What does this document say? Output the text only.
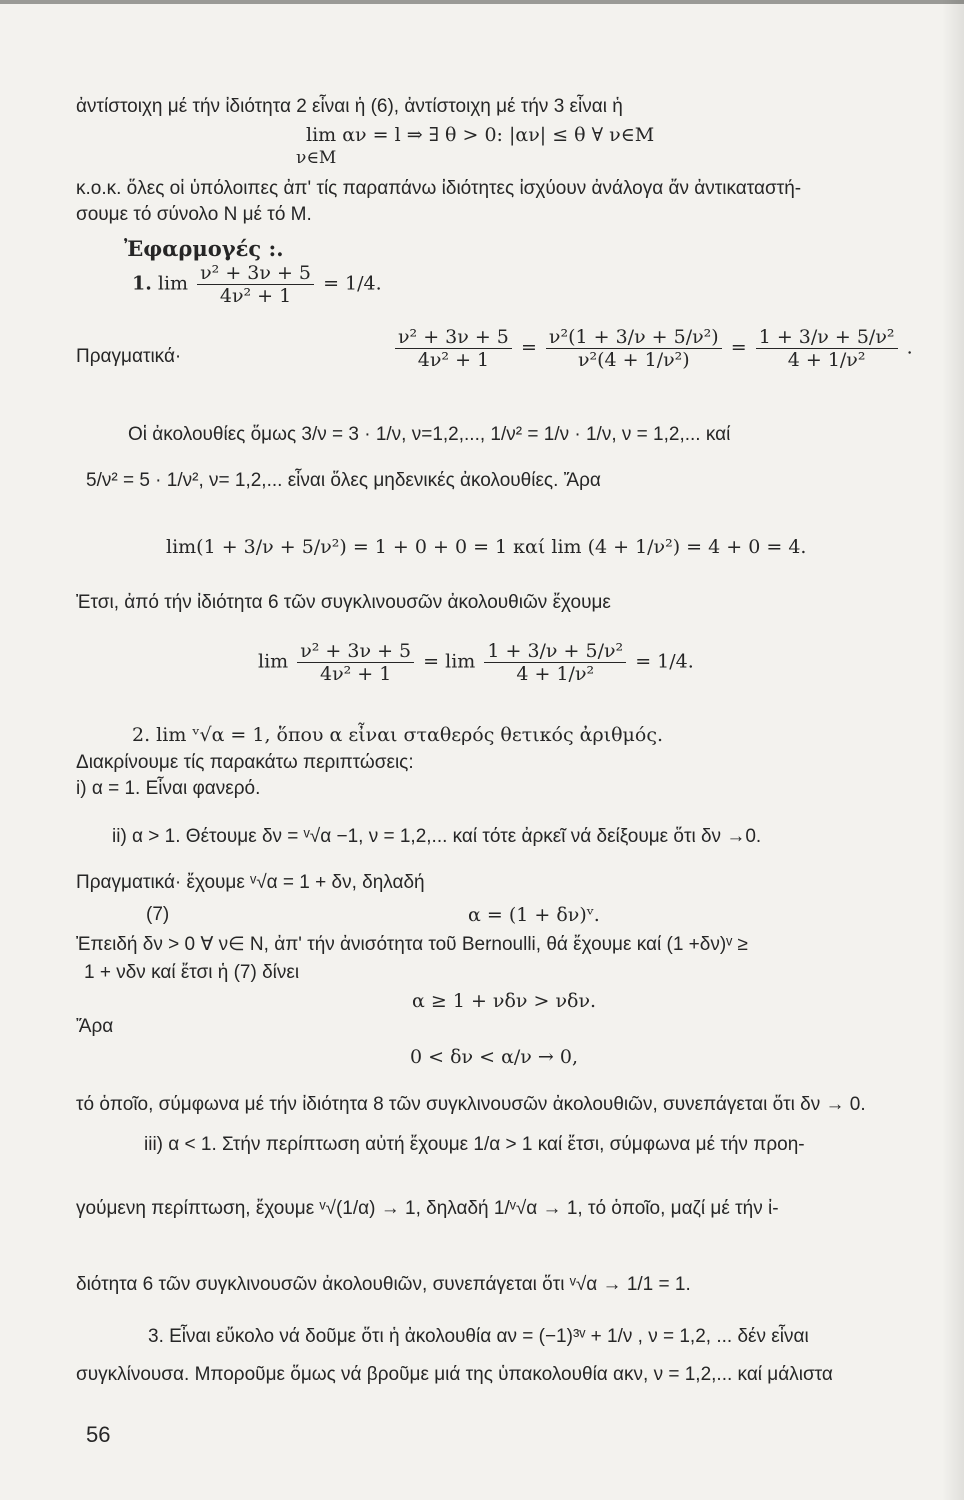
ἀντίστοιχη μέ τήν ἰδιότητα 2 εἶναι ἡ (6), ἀντίστοιχη μέ τήν 3 εἶναι ἡ
lim αν = l ⇒ ∃ θ > 0: |αν| ≤ θ ∀ ν∈M
ν∈M
κ.ο.κ. ὅλες οἱ ὑπόλοιπες ἀπ' τίς παραπάνω ἰδιότητες ἰσχύουν ἀνάλογα ἄν ἀντικαταστή-
σουμε τό σύνολο N μέ τό M.
Ἐφαρμογές :.
1. $\lim \frac{\text{ν² + 3ν + 5}}{\text{4ν² + 1}} = 1/4$.
Πραγματικά·	$\frac{\text{ν² + 3ν + 5}}{\text{4ν² + 1}} = \frac{\text{ν²(1 + 3/ν + 5/ν²)}}{\text{ν²(4 + 1/ν²)}} = \frac{\text{1 + 3/ν + 5/ν²}}{\text{4 + 1/ν²}}$ .
Οἱ ἀκολουθίες ὅμως 3/ν = 3 · 1/ν, ν=1,2,..., 1/ν² = 1/ν · 1/ν, ν = 1,2,... καί
5/ν² = 5 · 1/ν², ν= 1,2,... εἶναι ὅλες μηδενικές ἀκολουθίες. Ἄρα
lim(1 + 3/ν + 5/ν²) = 1 + 0 + 0 = 1 καί lim (4 + 1/ν²) = 4 + 0 = 4.
Ἐτσι, ἀπό τήν ἰδιότητα 6 τῶν συγκλινουσῶν ἀκολουθιῶν ἔχουμε
$\lim \frac{\text{ν² + 3ν + 5}}{\text{4ν² + 1}} = \lim \frac{\text{1 + 3/ν + 5/ν²}}{\text{4 + 1/ν²}} = 1/4$.
2. lim ᵛ√α = 1, ὅπου α εἶναι σταθερός θετικός ἀριθμός.
Διακρίνουμε τίς παρακάτω περιπτώσεις:
i) α = 1. Εἶναι φανερό.
ii) α > 1. Θέτουμε δν = ᵛ√α −1, ν = 1,2,... καί τότε ἀρκεῖ νά δείξουμε ὅτι δν →0.
Πραγματικά· ἔχουμε ᵛ√α = 1 + δν, δηλαδή
(7)	α = (1 + δν)ᵛ.
Ἐπειδή δν > 0 ∀ ν∈ N, ἀπ' τήν ἀνισότητα τοῦ Bernoulli, θά ἔχουμε καί (1 +δν)ᵛ ≥
1 + νδν καί ἔτσι ἡ (7) δίνει
α ≥ 1 + νδν > νδν.
Ἄρα
0 < δν < α/ν → 0,
τό ὁποῖο, σύμφωνα μέ τήν ἰδιότητα 8 τῶν συγκλινουσῶν ἀκολουθιῶν, συνεπάγεται ὅτι δν → 0.
iii) α < 1. Στήν περίπτωση αὐτή ἔχουμε 1/α > 1 καί ἔτσι, σύμφωνα μέ τήν προη-
γούμενη περίπτωση, ἔχουμε ᵛ√(1/α) → 1, δηλαδή 1/ᵛ√α → 1, τό ὁποῖο, μαζί μέ τήν ἰ-
διότητα 6 τῶν συγκλινουσῶν ἀκολουθιῶν, συνεπάγεται ὅτι ᵛ√α → 1/1 = 1.
3. Εἶναι εὔκολο νά δοῦμε ὅτι ἡ ἀκολουθία αν = (−1)³ᵛ + 1/ν , ν = 1,2, ... δέν εἶναι
συγκλίνουσα. Μποροῦμε ὅμως νά βροῦμε μιά της ὑπακολουθία ακν, ν = 1,2,... καί μάλιστα
56
